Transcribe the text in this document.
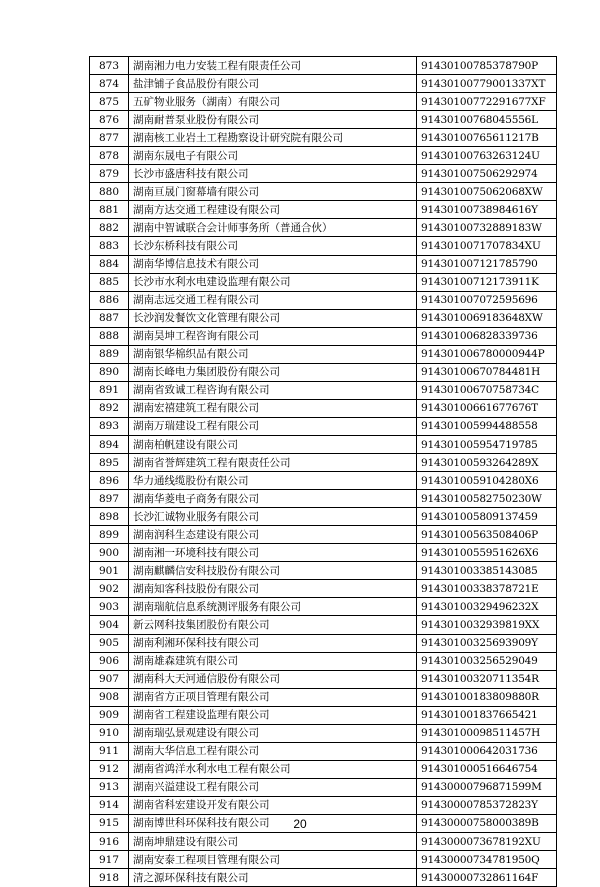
873	湖南湘力电力安装工程有限责任公司	91430100785378790P
874	盐津铺子食品股份有限公司	91430100779001337XT
875	五矿物业服务（湖南）有限公司	91430100772291677XF
876	湖南耐普泵业股份有限公司	91430100768045556L
877	湖南核工业岩土工程勘察设计研究院有限公司	91430100765611217B
878	湖南东晟电子有限公司	91430100763263124U
879	长沙市盛唐科技有限公司	914301007506292974
880	湖南亘晟门窗幕墙有限公司	9143010075062068XW
881	湖南方达交通工程建设有限公司	91430100738984616Y
882	湖南中智诚联合会计师事务所（普通合伙）	91430100732889183W
883	长沙东桥科技有限公司	9143010071707834XU
884	湖南华博信息技术有限公司	914301007121785790
885	长沙市水利水电建设监理有限公司	91430100712173911K
886	湖南志远交通工程有限公司	914301007072595696
887	长沙润发餐饮文化管理有限公司	9143010069183648XW
888	湖南昊坤工程咨询有限公司	914301006828339736
889	湖南银华棉织品有限公司	914301006780000944P
890	湖南长峰电力集团股份有限公司	91430100670784481H
891	湖南省致诚工程咨询有限公司	91430100670758734C
892	湖南宏禧建筑工程有限公司	91430100661677676T
893	湖南万瑞建设工程有限公司	914301005994488558
894	湖南柏帆建设有限公司	914301005954719785
895	湖南省誉辉建筑工程有限责任公司	91430100593264289X
896	华力通线缆股份有限公司	9143010059104280X6
897	湖南华菱电子商务有限公司	91430100582750230W
898	长沙汇诚物业服务有限公司	914301005809137459
899	湖南润科生态建设有限公司	91430100563508406P
900	湖南湘一环境科技有限公司	9143010055951626X6
901	湖南麒麟信安科技股份有限公司	914301003385143085
902	湖南知客科技股份有限公司	91430100338378721E
903	湖南瑞航信息系统测评服务有限公司	91430100329496232X
904	新云网科技集团股份有限公司	9143010032939819XX
905	湖南利湘环保科技有限公司	91430100325693909Y
906	湖南雄森建筑有限公司	914301003256529049
907	湖南科大天河通信股份有限公司	91430100320711354R
908	湖南省方正项目管理有限公司	91430100183809880R
909	湖南省工程建设监理有限公司	914301001837665421
910	湖南瑞弘景观建设有限公司	91430100098511457H
911	湖南大华信息工程有限公司	914301000642031736
912	湖南省鸿洋水利水电工程有限公司	914301000516646754
913	湖南兴溢建设工程有限公司	91430000796871599M
914	湖南省科宏建设开发有限公司	91430000785372823Y
915	湖南博世科环保科技有限公司	91430000758000389B
916	湖南坤鼎建设有限公司	9143000073678192XU
917	湖南安泰工程项目管理有限公司	91430000734781950Q
918	清之源环保科技有限公司	91430000732861164F
20
